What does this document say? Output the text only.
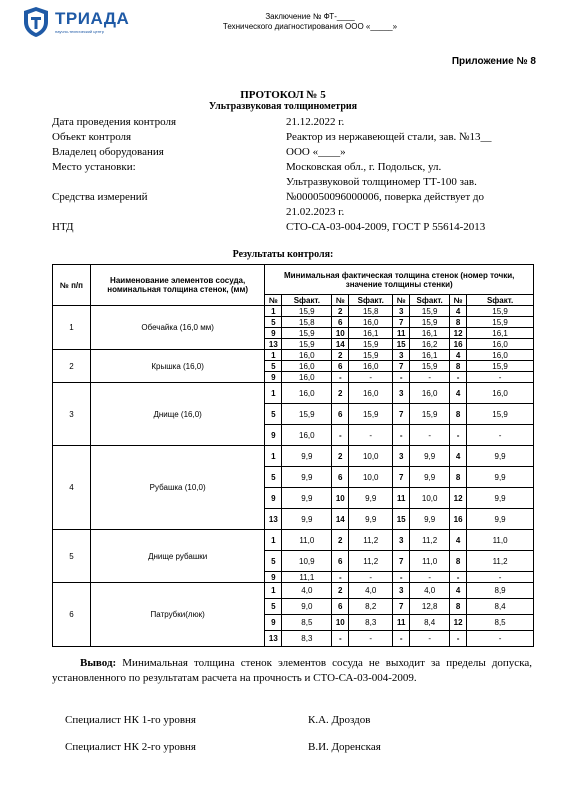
ТРИАДА
научно-технический центр
Заключение № ФТ-____
Технического диагностирования ООО «_____»
Приложение № 8
ПРОТОКОЛ № 5
Ультразвуковая толщинометрия
Дата проведения контроля	21.12.2022 г.
Объект контроля	Реактор из нержавеющей стали, зав. №13__
Владелец оборудования	ООО «____»
Место установки:	Московская обл., г. Подольск, ул.
Ультразвуковой толщиномер ТТ-100 зав.
Средства измерений	№000050096000006, поверка действует до
21.02.2023 г.
НТД	СТО-СА-03-004-2009, ГОСТ Р 55614-2013
Результаты контроля:
№ п/п	Наименование элементов сосуда, номинальная толщина стенок, (мм)	Минимальная фактическая толщина стенок (номер точки, значение толщины стенки)							
		№	Sфакт.	№	Sфакт.	№	Sфакт.	№	Sфакт.
1	Обечайка (16,0 мм)	1	15,9	2	15,8	3	15,9	4	15,9
		5	15,8	6	16,0	7	15,9	8	15,9
		9	15,9	10	16,1	11	16,1	12	16,1
		13	15,9	14	15,9	15	16,2	16	16,0
2	Крышка (16,0)	1	16,0	2	15,9	3	16,1	4	16,0
		5	16,0	6	16,0	7	15,9	8	15,9
		9	16,0	-	-	-	-	-	-
3	Днище (16,0)	1	16,0	2	16,0	3	16,0	4	16,0
		5	15,9	6	15,9	7	15,9	8	15,9
		9	16,0	-	-	-	-	-	-
4	Рубашка (10,0)	1	9,9	2	10,0	3	9,9	4	9,9
		5	9,9	6	10,0	7	9,9	8	9,9
		9	9,9	10	9,9	11	10,0	12	9,9
		13	9,9	14	9,9	15	9,9	16	9,9
5	Днище рубашки	1	11,0	2	11,2	3	11,2	4	11,0
		5	10,9	6	11,2	7	11,0	8	11,2
		9	11,1	-	-	-	-	-	-
6	Патрубки(люк)	1	4,0	2	4,0	3	4,0	4	8,9
		5	9,0	6	8,2	7	12,8	8	8,4
		9	8,5	10	8,3	11	8,4	12	8,5
		13	8,3	-	-	-	-	-	-
Вывод: Минимальная толщина стенок элементов сосуда не выходит за пределы допуска, установленного по результатам расчета на прочность и СТО-СА-03-004-2009.
Специалист НК 1-го уровня	К.А. Дроздов
Специалист НК 2-го уровня	В.И. Доренская
